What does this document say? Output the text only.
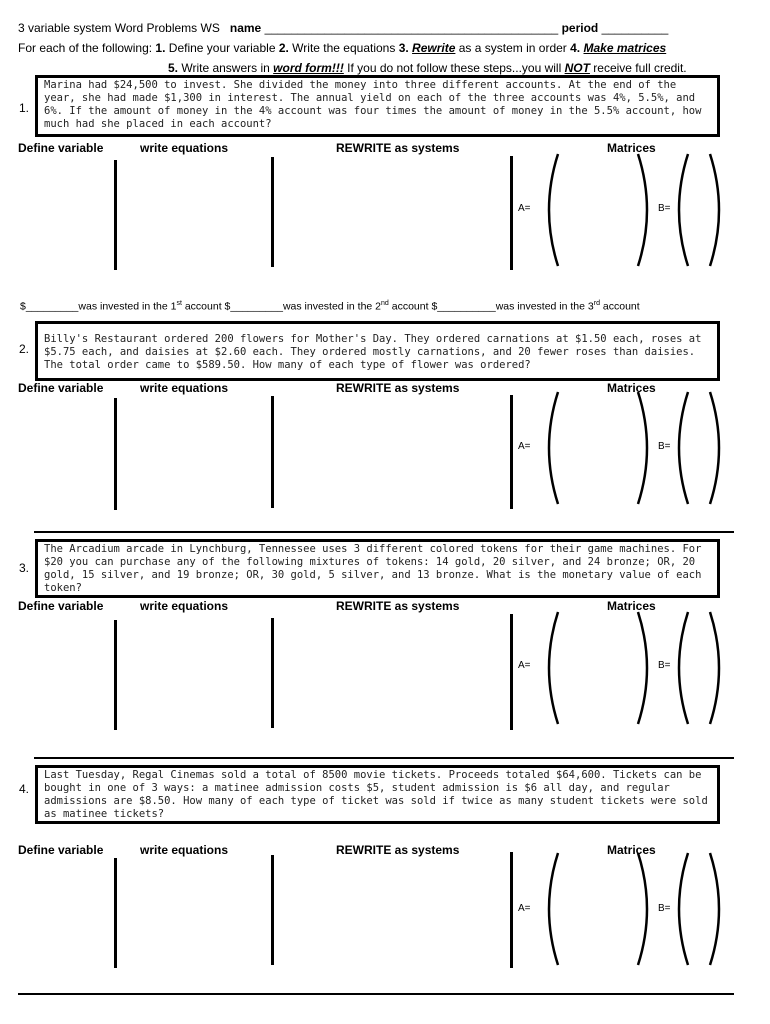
3 variable system Word Problems WS name ____________________________________________ period __________
For each of the following: 1. Define your variable 2. Write the equations 3. Rewrite as a system in order 4. Make matrices
5. Write answers in word form!!! If you do not follow these steps...you will NOT receive full credit.
1.
Marina had $24,500 to invest. She divided the money into three different accounts. At the end of the year, she had made $1,300 in interest. The annual yield on each of the three accounts was 4%, 5.5%, and 6%. If the amount of money in the 4% account was four times the amount of money in the 5.5% account, how much had she placed in each account?
Define variable	write equations	REWRITE as systems	Matrices
A=	B=
$_________was invested in the 1st account $_________was invested in the 2nd account $__________was invested in the 3rd account
2.
Billy's Restaurant ordered 200 flowers for Mother's Day. They ordered carnations at $1.50 each, roses at $5.75 each, and daisies at $2.60 each. They ordered mostly carnations, and 20 fewer roses than daisies. The total order came to $589.50. How many of each type of flower was ordered?
Define variable	write equations	REWRITE as systems	Matrices
A=	B=
3.
The Arcadium arcade in Lynchburg, Tennessee uses 3 different colored tokens for their game machines. For $20 you can purchase any of the following mixtures of tokens: 14 gold, 20 silver, and 24 bronze; OR, 20 gold, 15 silver, and 19 bronze; OR, 30 gold, 5 silver, and 13 bronze. What is the monetary value of each token?
Define variable	write equations	REWRITE as systems	Matrices
A=	B=
4.
Last Tuesday, Regal Cinemas sold a total of 8500 movie tickets. Proceeds totaled $64,600. Tickets can be bought in one of 3 ways: a matinee admission costs $5, student admission is $6 all day, and regular admissions are $8.50. How many of each type of ticket was sold if twice as many student tickets were sold as matinee tickets?
Define variable	write equations	REWRITE as systems	Matrices
A=	B=
